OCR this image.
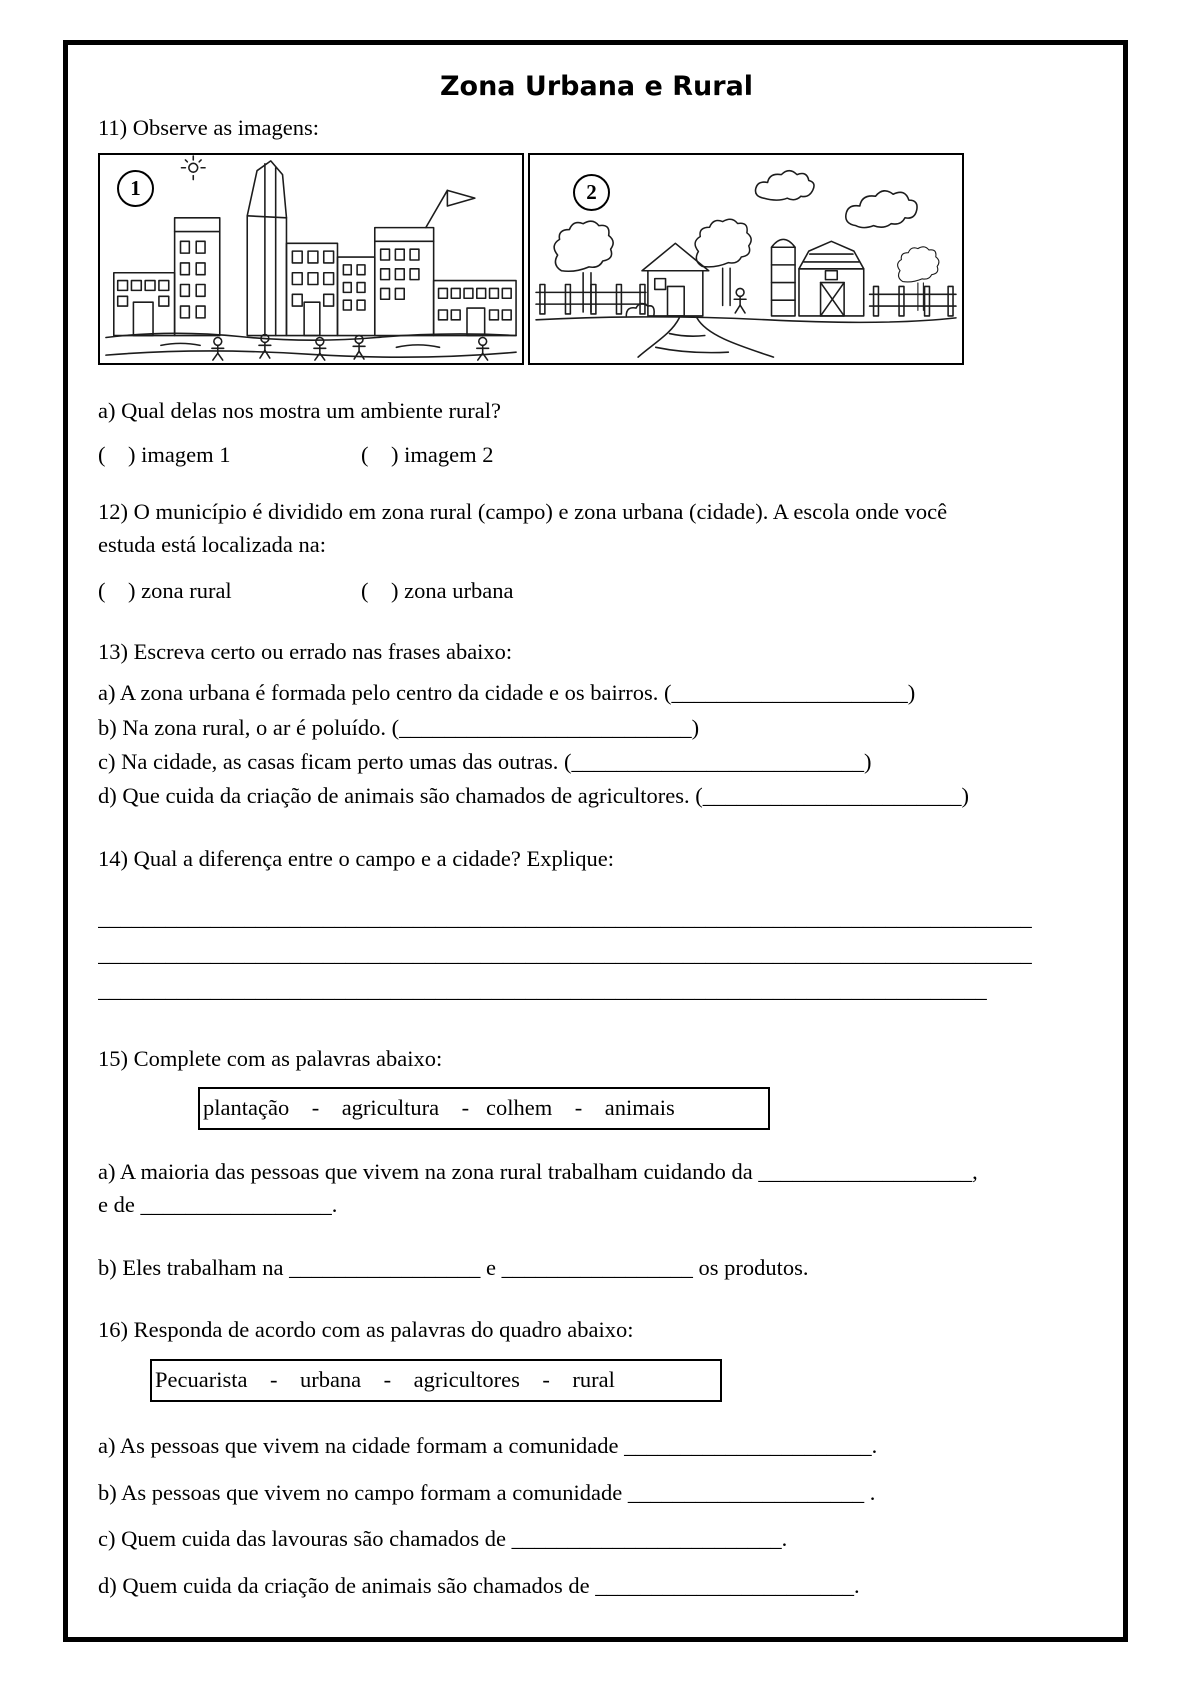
Zona Urbana e Rural
11) Observe as imagens:
1	2
a) Qual delas nos mostra um ambiente rural?
(    ) imagem 1	(    ) imagem 2
12) O município é dividido em zona rural (campo) e zona urbana (cidade). A escola onde você
estuda está localizada na:
(    ) zona rural	(    ) zona urbana
13) Escreva certo ou errado nas frases abaixo:
a) A zona urbana é formada pelo centro da cidade e os bairros. (_____________________)
b) Na zona rural, o ar é poluído. (__________________________)
c) Na cidade, as casas ficam perto umas das outras. (__________________________)
d) Que cuida da criação de animais são chamados de agricultores. (_______________________)
14) Qual a diferença entre o campo e a cidade? Explique:
___________________________________________________________________________________
___________________________________________________________________________________
_______________________________________________________________________________
15) Complete com as palavras abaixo:
plantação    -    agricultura    -   colhem    -    animais
a) A maioria das pessoas que vivem na zona rural trabalham cuidando da ___________________,
e de _________________.
b) Eles trabalham na _________________ e _________________ os produtos.
16) Responda de acordo com as palavras do quadro abaixo:
Pecuarista    -    urbana    -    agricultores    -    rural
a) As pessoas que vivem na cidade formam a comunidade ______________________.
b) As pessoas que vivem no campo formam a comunidade _____________________ .
c) Quem cuida das lavouras são chamados de ________________________.
d) Quem cuida da criação de animais são chamados de _______________________.
